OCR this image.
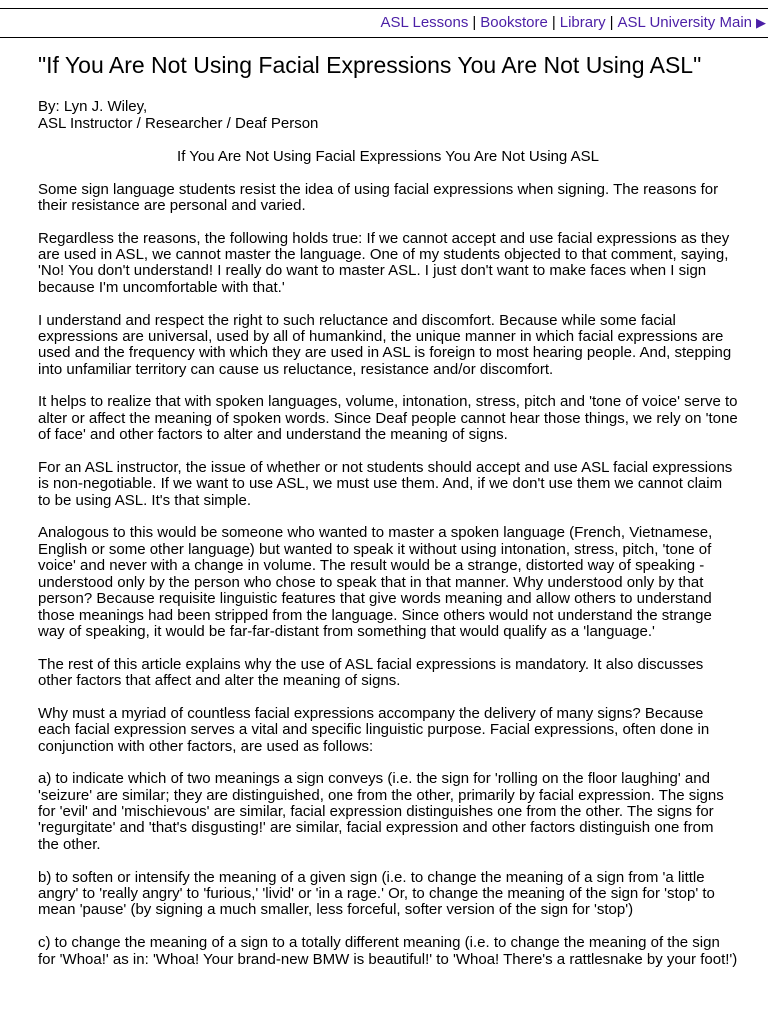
ASL Lessons | Bookstore | Library | ASL University Main ▶
"If You Are Not Using Facial Expressions You Are Not Using ASL"
By: Lyn J. Wiley,
ASL Instructor / Researcher / Deaf Person
If You Are Not Using Facial Expressions You Are Not Using ASL

Some sign language students resist the idea of using facial expressions when signing. The reasons for their resistance are personal and varied.

Regardless the reasons, the following holds true: If we cannot accept and use facial expressions as they are used in ASL, we cannot master the language. One of my students objected to that comment, saying, 'No! You don't understand! I really do want to master ASL. I just don't want to make faces when I sign because I'm uncomfortable with that.'

I understand and respect the right to such reluctance and discomfort. Because while some facial expressions are universal, used by all of humankind, the unique manner in which facial expressions are used and the frequency with which they are used in ASL is foreign to most hearing people. And, stepping into unfamiliar territory can cause us reluctance, resistance and/or discomfort.

It helps to realize that with spoken languages, volume, intonation, stress, pitch and 'tone of voice' serve to alter or affect the meaning of spoken words. Since Deaf people cannot hear those things, we rely on 'tone of face' and other factors to alter and understand the meaning of signs.

For an ASL instructor, the issue of whether or not students should accept and use ASL facial expressions is non-negotiable. If we want to use ASL, we must use them. And, if we don't use them we cannot claim to be using ASL. It's that simple.

Analogous to this would be someone who wanted to master a spoken language (French, Vietnamese, English or some other language) but wanted to speak it without using intonation, stress, pitch, 'tone of voice' and never with a change in volume. The result would be a strange, distorted way of speaking - understood only by the person who chose to speak that in that manner. Why understood only by that person? Because requisite linguistic features that give words meaning and allow others to understand those meanings had been stripped from the language. Since others would not understand the strange way of speaking, it would be far-far-distant from something that would qualify as a 'language.'

The rest of this article explains why the use of ASL facial expressions is mandatory. It also discusses other factors that affect and alter the meaning of signs.

Why must a myriad of countless facial expressions accompany the delivery of many signs? Because each facial expression serves a vital and specific linguistic purpose. Facial expressions, often done in conjunction with other factors, are used as follows:

a) to indicate which of two meanings a sign conveys (i.e. the sign for 'rolling on the floor laughing' and 'seizure' are similar; they are distinguished, one from the other, primarily by facial expression. The signs for 'evil' and 'mischievous' are similar, facial expression distinguishes one from the other. The signs for 'regurgitate' and 'that's disgusting!' are similar, facial expression and other factors distinguish one from the other.

b) to soften or intensify the meaning of a given sign (i.e. to change the meaning of a sign from 'a little angry' to 'really angry' to 'furious,' 'livid' or 'in a rage.' Or, to change the meaning of the sign for 'stop' to mean 'pause' (by signing a much smaller, less forceful, softer version of the sign for 'stop')

c) to change the meaning of a sign to a totally different meaning (i.e. to change the meaning of the sign for 'Whoa!' as in: 'Whoa! Your brand-new BMW is beautiful!' to 'Whoa! There's a rattlesnake by your foot!')
